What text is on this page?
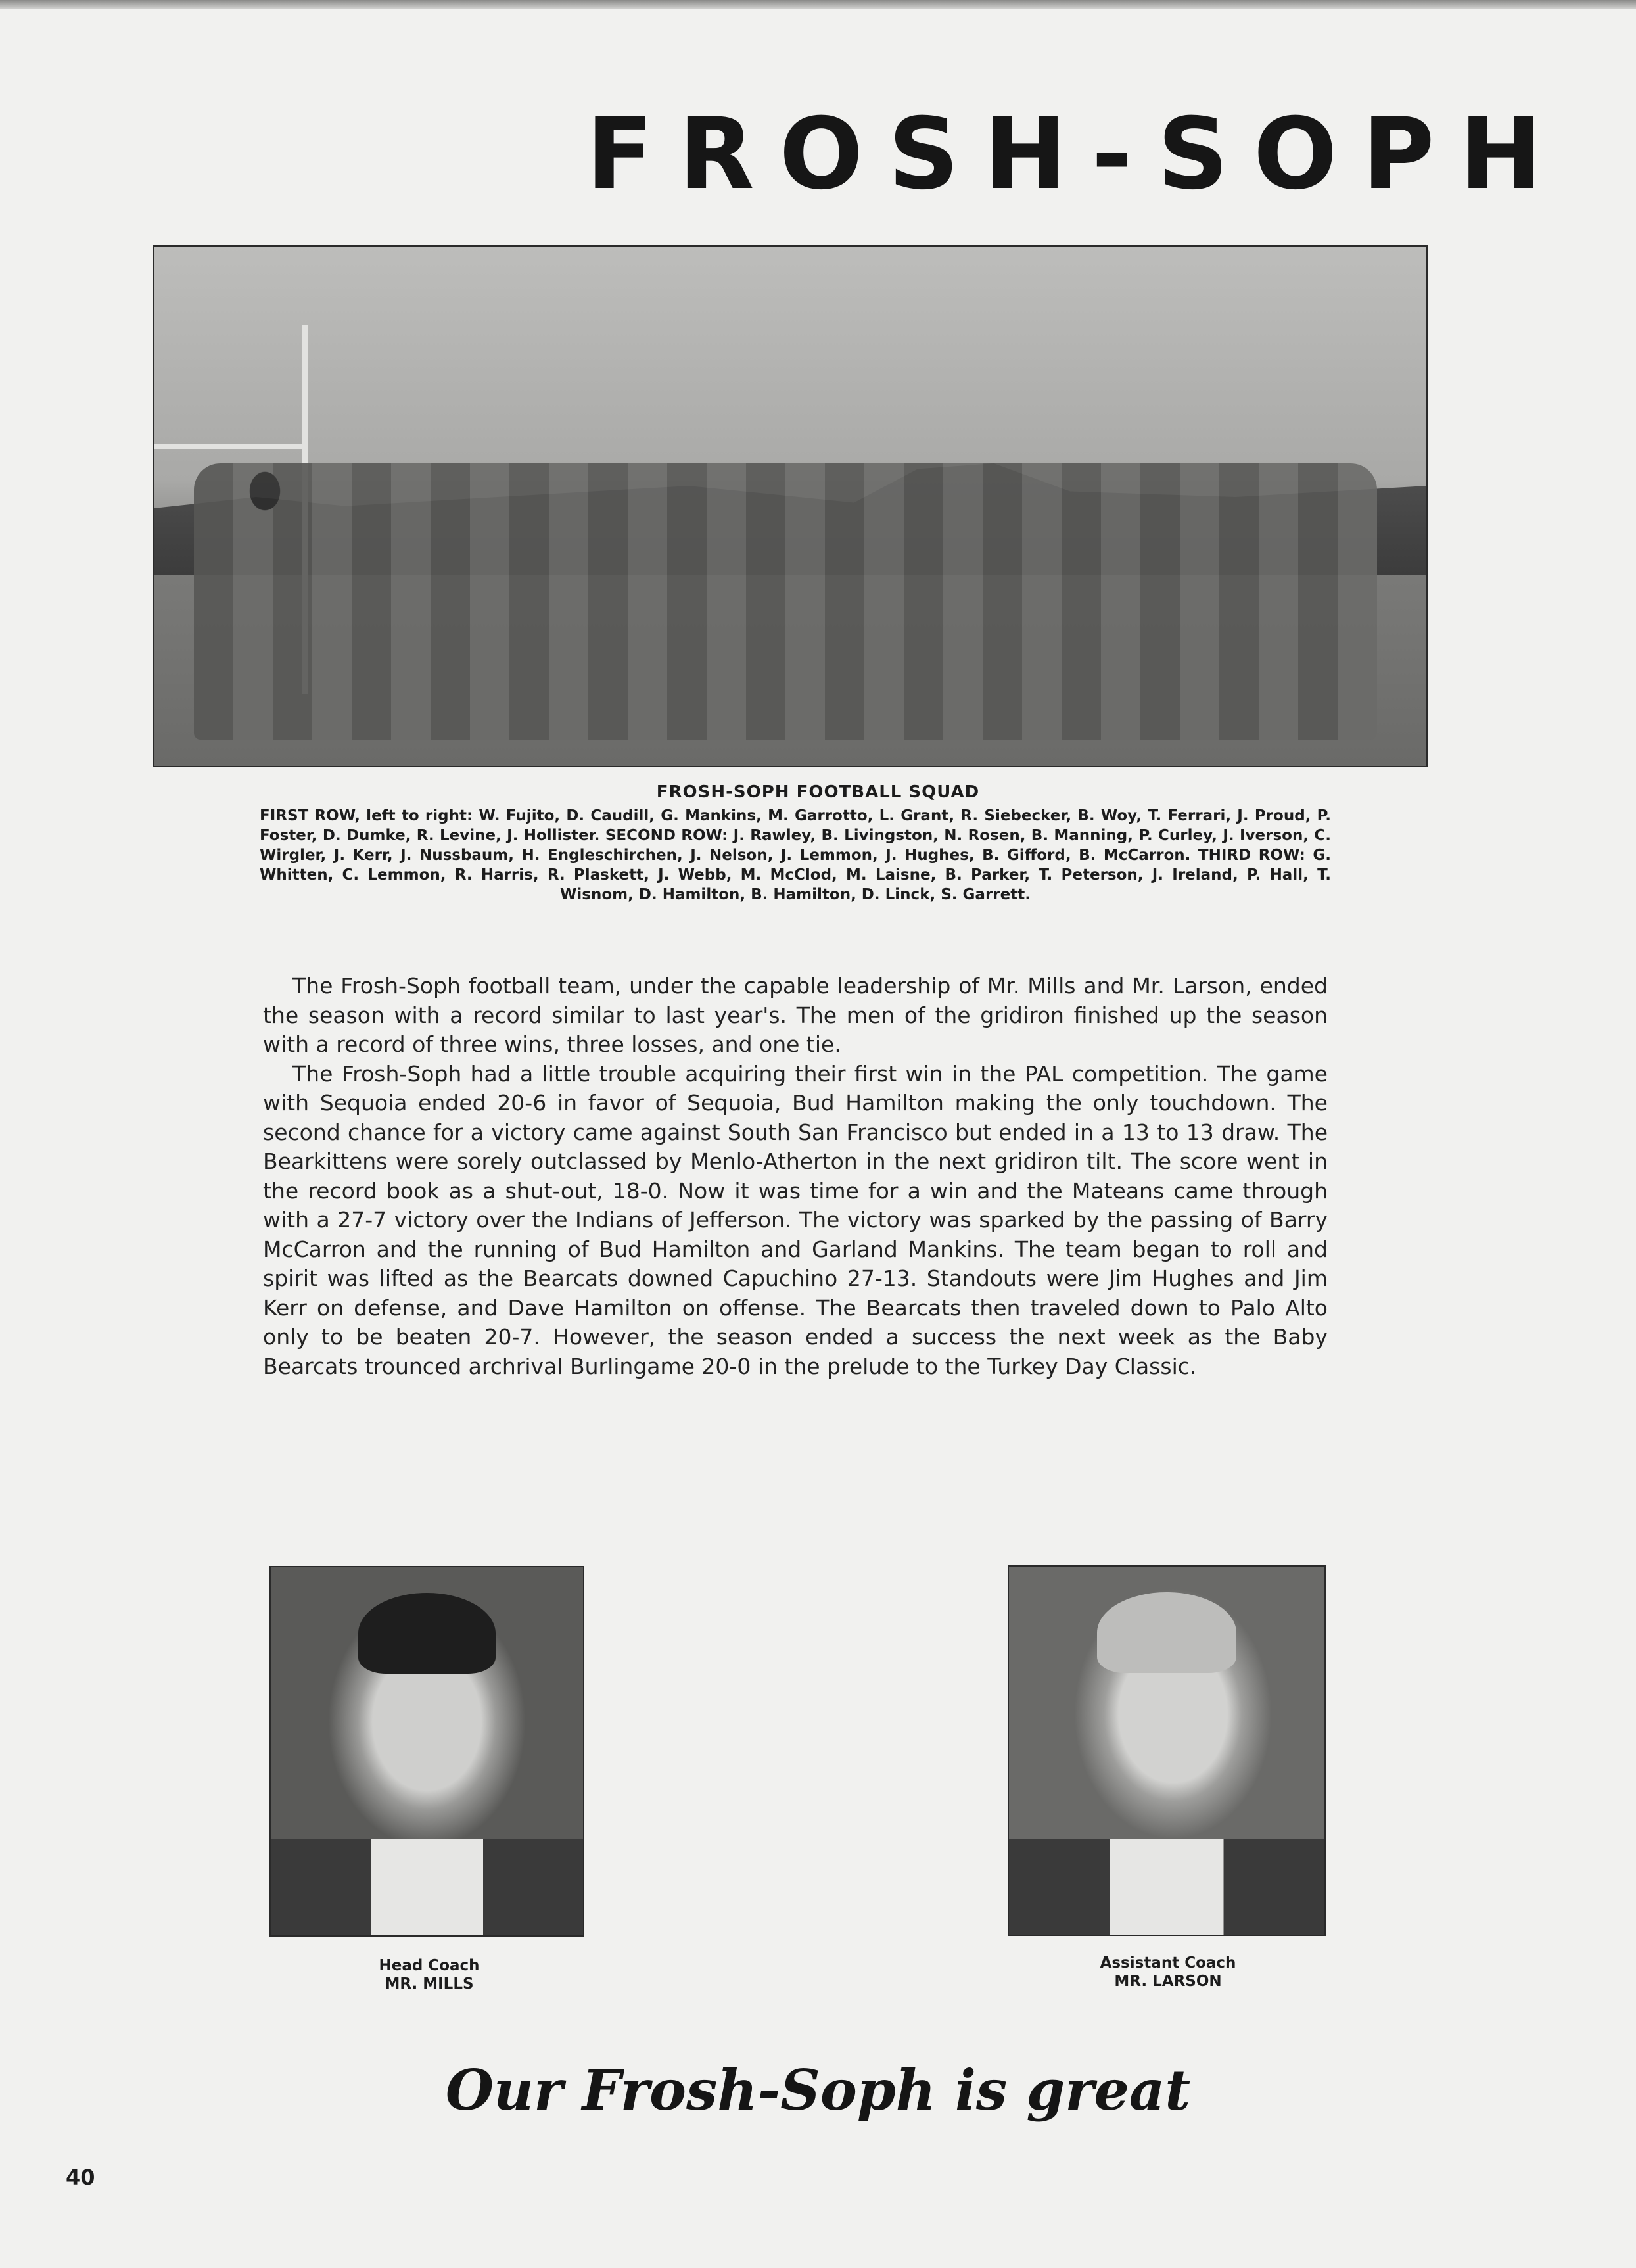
FROSH-SOPH
FROSH-SOPH FOOTBALL SQUAD
FIRST ROW, left to right: W. Fujito, D. Caudill, G. Mankins, M. Garrotto, L. Grant, R. Siebecker, B. Woy, T. Ferrari, J. Proud, P. Foster, D. Dumke, R. Levine, J. Hollister. SECOND ROW: J. Rawley, B. Livingston, N. Rosen, B. Manning, P. Curley, J. Iverson, C. Wirgler, J. Kerr, J. Nussbaum, H. Engleschirchen, J. Nelson, J. Lemmon, J. Hughes, B. Gifford, B. McCarron. THIRD ROW: G. Whitten, C. Lemmon, R. Harris, R. Plaskett, J. Webb, M. McClod, M. Laisne, B. Parker, T. Peterson, J. Ireland, P. Hall, T. Wisnom, D. Hamilton, B. Hamilton, D. Linck, S. Garrett.

The Frosh-Soph football team, under the capable leadership of Mr. Mills and Mr. Larson, ended the season with a record similar to last year's. The men of the gridiron finished up the season with a record of three wins, three losses, and one tie.

The Frosh-Soph had a little trouble acquiring their first win in the PAL competition. The game with Sequoia ended 20-6 in favor of Sequoia, Bud Hamilton making the only touchdown. The second chance for a victory came against South San Francisco but ended in a 13 to 13 draw. The Bearkittens were sorely outclassed by Menlo-Atherton in the next gridiron tilt. The score went in the record book as a shut-out, 18-0. Now it was time for a win and the Mateans came through with a 27-7 victory over the Indians of Jefferson. The victory was sparked by the passing of Barry McCarron and the running of Bud Hamilton and Garland Mankins. The team began to roll and spirit was lifted as the Bearcats downed Capuchino 27-13. Standouts were Jim Hughes and Jim Kerr on defense, and Dave Hamilton on offense. The Bearcats then traveled down to Palo Alto only to be beaten 20-7. However, the season ended a success the next week as the Baby Bearcats trounced archrival Burlingame 20-0 in the prelude to the Turkey Day Classic.

Head Coach
MR. MILLS
Assistant Coach
MR. LARSON
Our Frosh-Soph is great
40
